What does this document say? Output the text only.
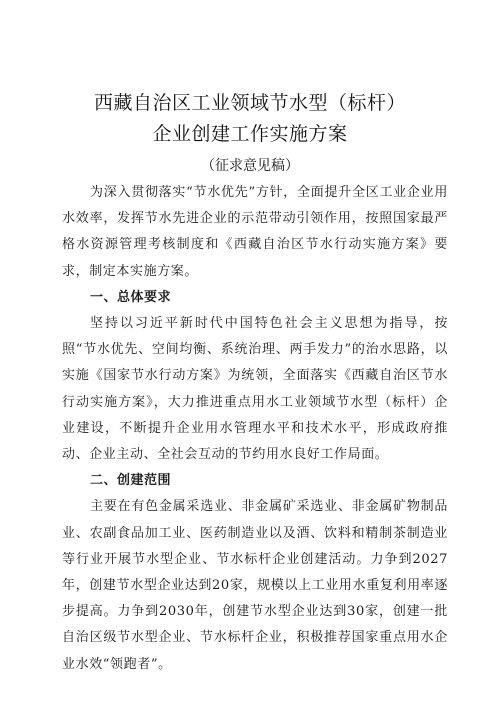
西藏自治区工业领域节水型（标杆）
企业创建工作实施方案
（征求意见稿）

为深入贯彻落实“节水优先”方针，全面提升全区工业企业用水效率，发挥节水先进企业的示范带动引领作用，按照国家最严格水资源管理考核制度和《西藏自治区节水行动实施方案》要求，制定本实施方案。

一、总体要求

坚持以习近平新时代中国特色社会主义思想为指导，按照“节水优先、空间均衡、系统治理、两手发力”的治水思路，以实施《国家节水行动方案》为统领，全面落实《西藏自治区节水行动实施方案》，大力推进重点用水工业领域节水型（标杆）企业建设，不断提升企业用水管理水平和技术水平，形成政府推动、企业主动、全社会互动的节约用水良好工作局面。

二、创建范围

主要在有色金属采选业、非金属矿采选业、非金属矿物制品业、农副食品加工业、医药制造业以及酒、饮料和精制茶制造业等行业开展节水型企业、节水标杆企业创建活动。力争到2027年，创建节水型企业达到20家，规模以上工业用水重复利用率逐步提高。力争到2030年，创建节水型企业达到30家，创建一批自治区级节水型企业、节水标杆企业，积极推荐国家重点用水企业水效“领跑者”。
